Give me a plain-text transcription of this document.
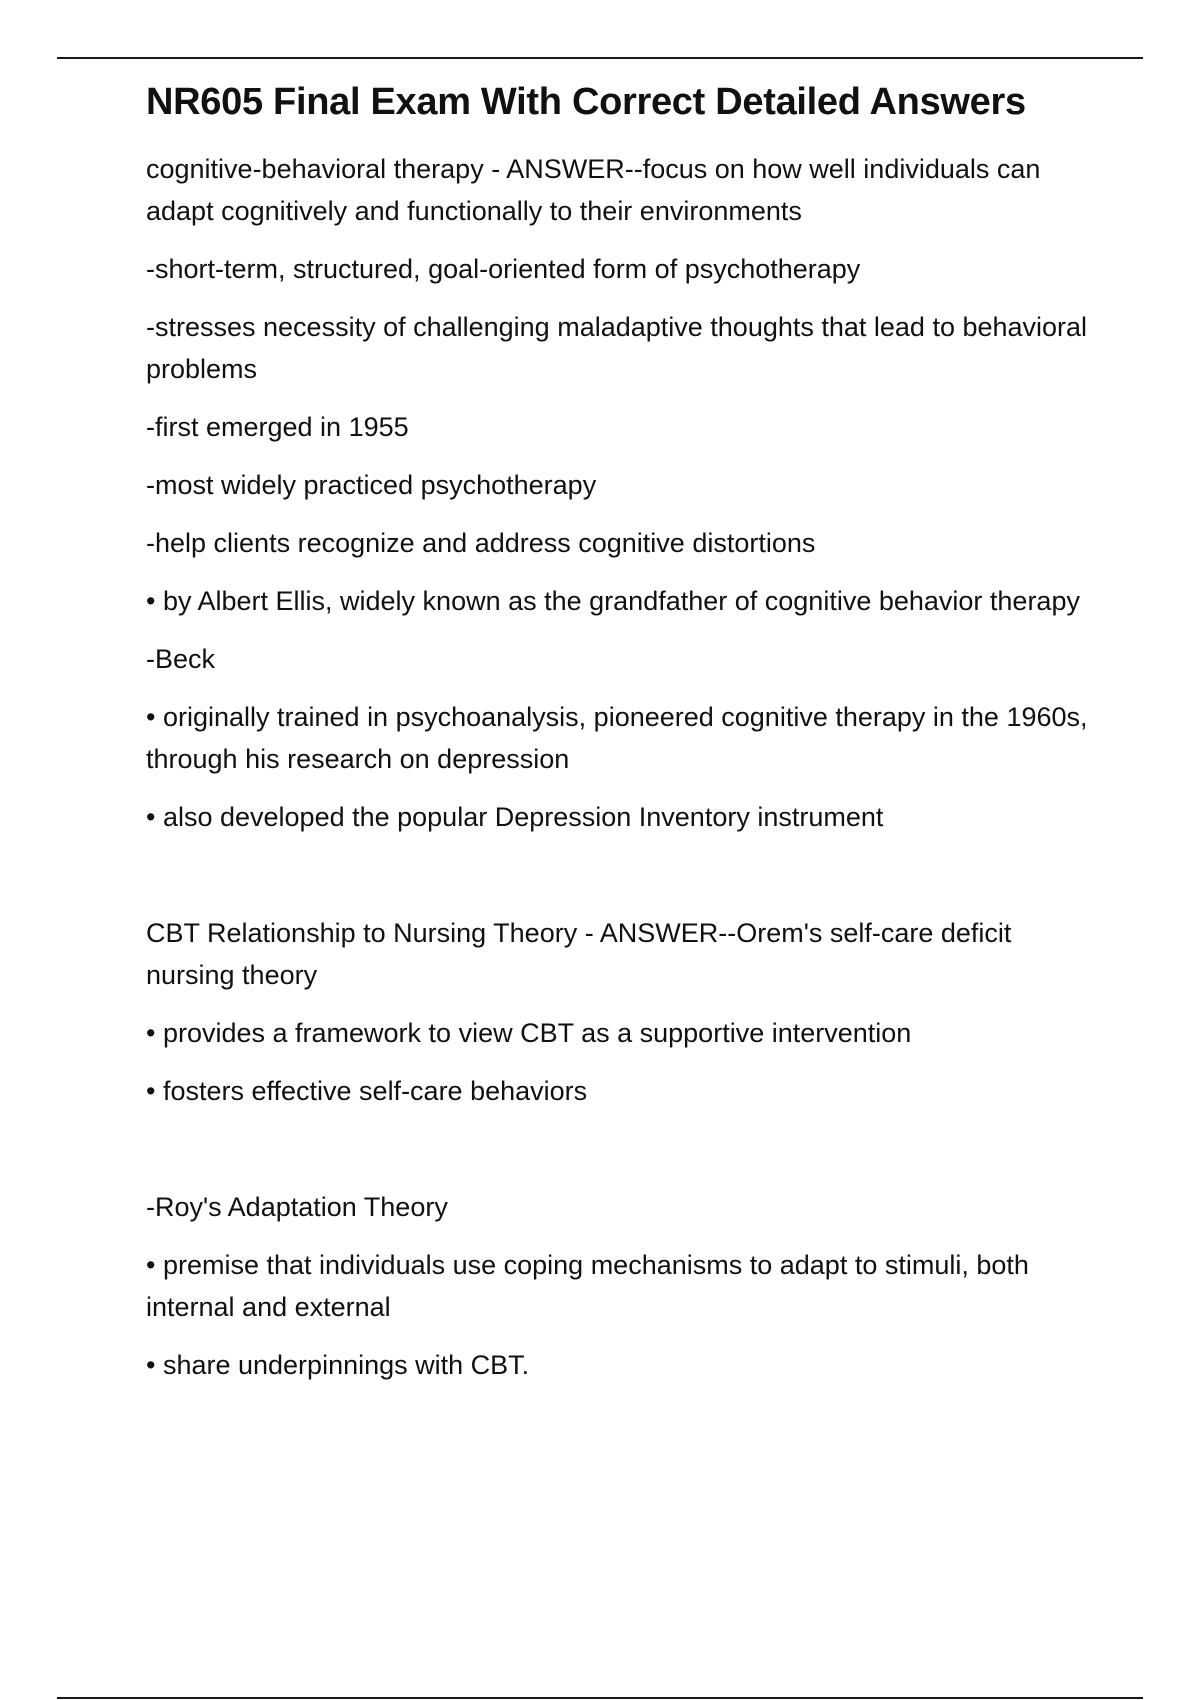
NR605 Final Exam With Correct Detailed Answers

cognitive-behavioral therapy - ANSWER--focus on how well individuals can adapt cognitively and functionally to their environments

-short-term, structured, goal-oriented form of psychotherapy

-stresses necessity of challenging maladaptive thoughts that lead to behavioral problems

-first emerged in 1955

-most widely practiced psychotherapy

-help clients recognize and address cognitive distortions

• by Albert Ellis, widely known as the grandfather of cognitive behavior therapy

-Beck

• originally trained in psychoanalysis, pioneered cognitive therapy in the 1960s, through his research on depression

• also developed the popular Depression Inventory instrument

CBT Relationship to Nursing Theory - ANSWER--Orem's self-care deficit nursing theory

• provides a framework to view CBT as a supportive intervention

• fosters effective self-care behaviors

-Roy's Adaptation Theory

• premise that individuals use coping mechanisms to adapt to stimuli, both internal and external

• share underpinnings with CBT.
